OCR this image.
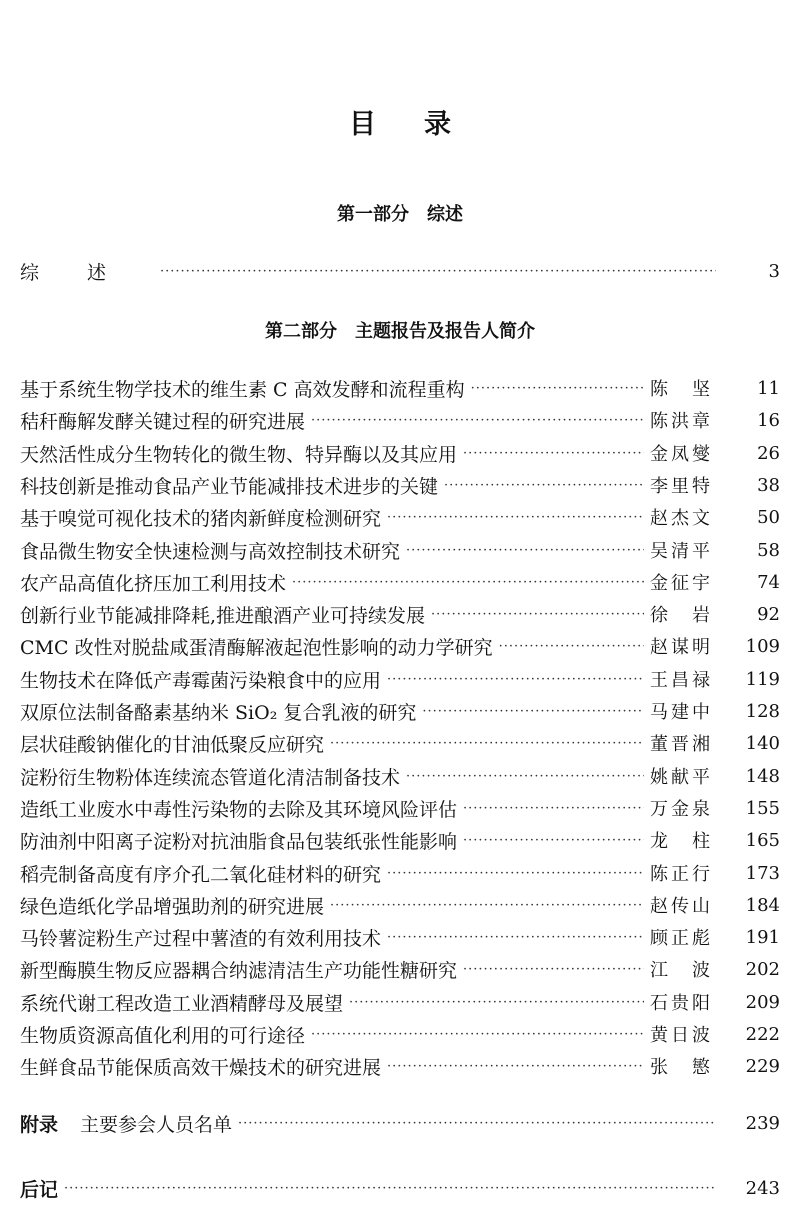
目录
第一部分　综述
综述 ·····	3
第二部分　主题报告及报告人简介
基于系统生物学技术的维生素 C 高效发酵和流程重构 ·····	陈　坚	11
秸秆酶解发酵关键过程的研究进展 ·····	陈洪章	16
天然活性成分生物转化的微生物、特异酶以及其应用 ·····	金凤燮	26
科技创新是推动食品产业节能减排技术进步的关键 ·····	李里特	38
基于嗅觉可视化技术的猪肉新鲜度检测研究 ·····	赵杰文	50
食品微生物安全快速检测与高效控制技术研究 ·····	吴清平	58
农产品高值化挤压加工利用技术 ·····	金征宇	74
创新行业节能减排降耗,推进酿酒产业可持续发展 ·····	徐　岩	92
CMC 改性对脱盐咸蛋清酶解液起泡性影响的动力学研究 ·····	赵谋明	109
生物技术在降低产毒霉菌污染粮食中的应用 ·····	王昌禄	119
双原位法制备酪素基纳米 SiO₂ 复合乳液的研究 ·····	马建中	128
层状硅酸钠催化的甘油低聚反应研究 ·····	董晋湘	140
淀粉衍生物粉体连续流态管道化清洁制备技术 ·····	姚献平	148
造纸工业废水中毒性污染物的去除及其环境风险评估 ·····	万金泉	155
防油剂中阳离子淀粉对抗油脂食品包装纸张性能影响 ·····	龙　柱	165
稻壳制备高度有序介孔二氧化硅材料的研究 ·····	陈正行	173
绿色造纸化学品增强助剂的研究进展 ·····	赵传山	184
马铃薯淀粉生产过程中薯渣的有效利用技术 ·····	顾正彪	191
新型酶膜生物反应器耦合纳滤清洁生产功能性糖研究 ·····	江　波	202
系统代谢工程改造工业酒精酵母及展望 ·····	石贵阳	209
生物质资源高值化利用的可行途径 ·····	黄日波	222
生鲜食品节能保质高效干燥技术的研究进展 ·····	张　慜	229
附录 主要参会人员名单 ·····	239
后记 ·····	243
